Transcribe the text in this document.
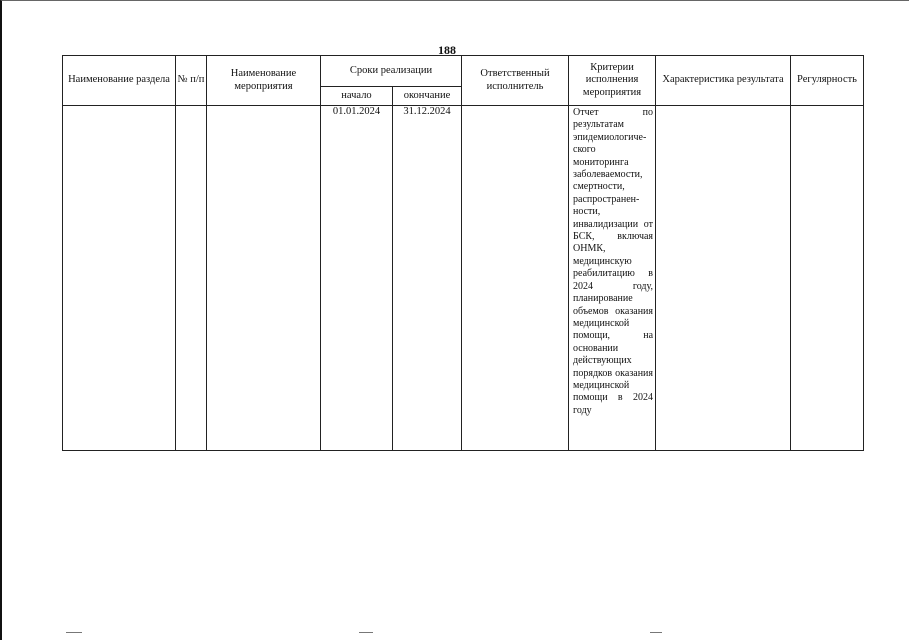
188
Наименование раздела	№ п/п	Наименование мероприятия	Сроки реализации		Ответственный исполнитель	Критерии исполнения мероприятия	Характеристика результата	Регулярность
			начало	окончание				
			01.01.2024	31.12.2024		Отчет по результатам эпидемиологиче-ского мониторинга заболеваемости, смертности, распространен-ности, инвалидизации от БСК, включая ОНМК, медицинскую реабилитацию в 2024 году, планирование объемов оказания медицинской помощи, на основании действующих порядков оказания медицинской помощи в 2024 году		
